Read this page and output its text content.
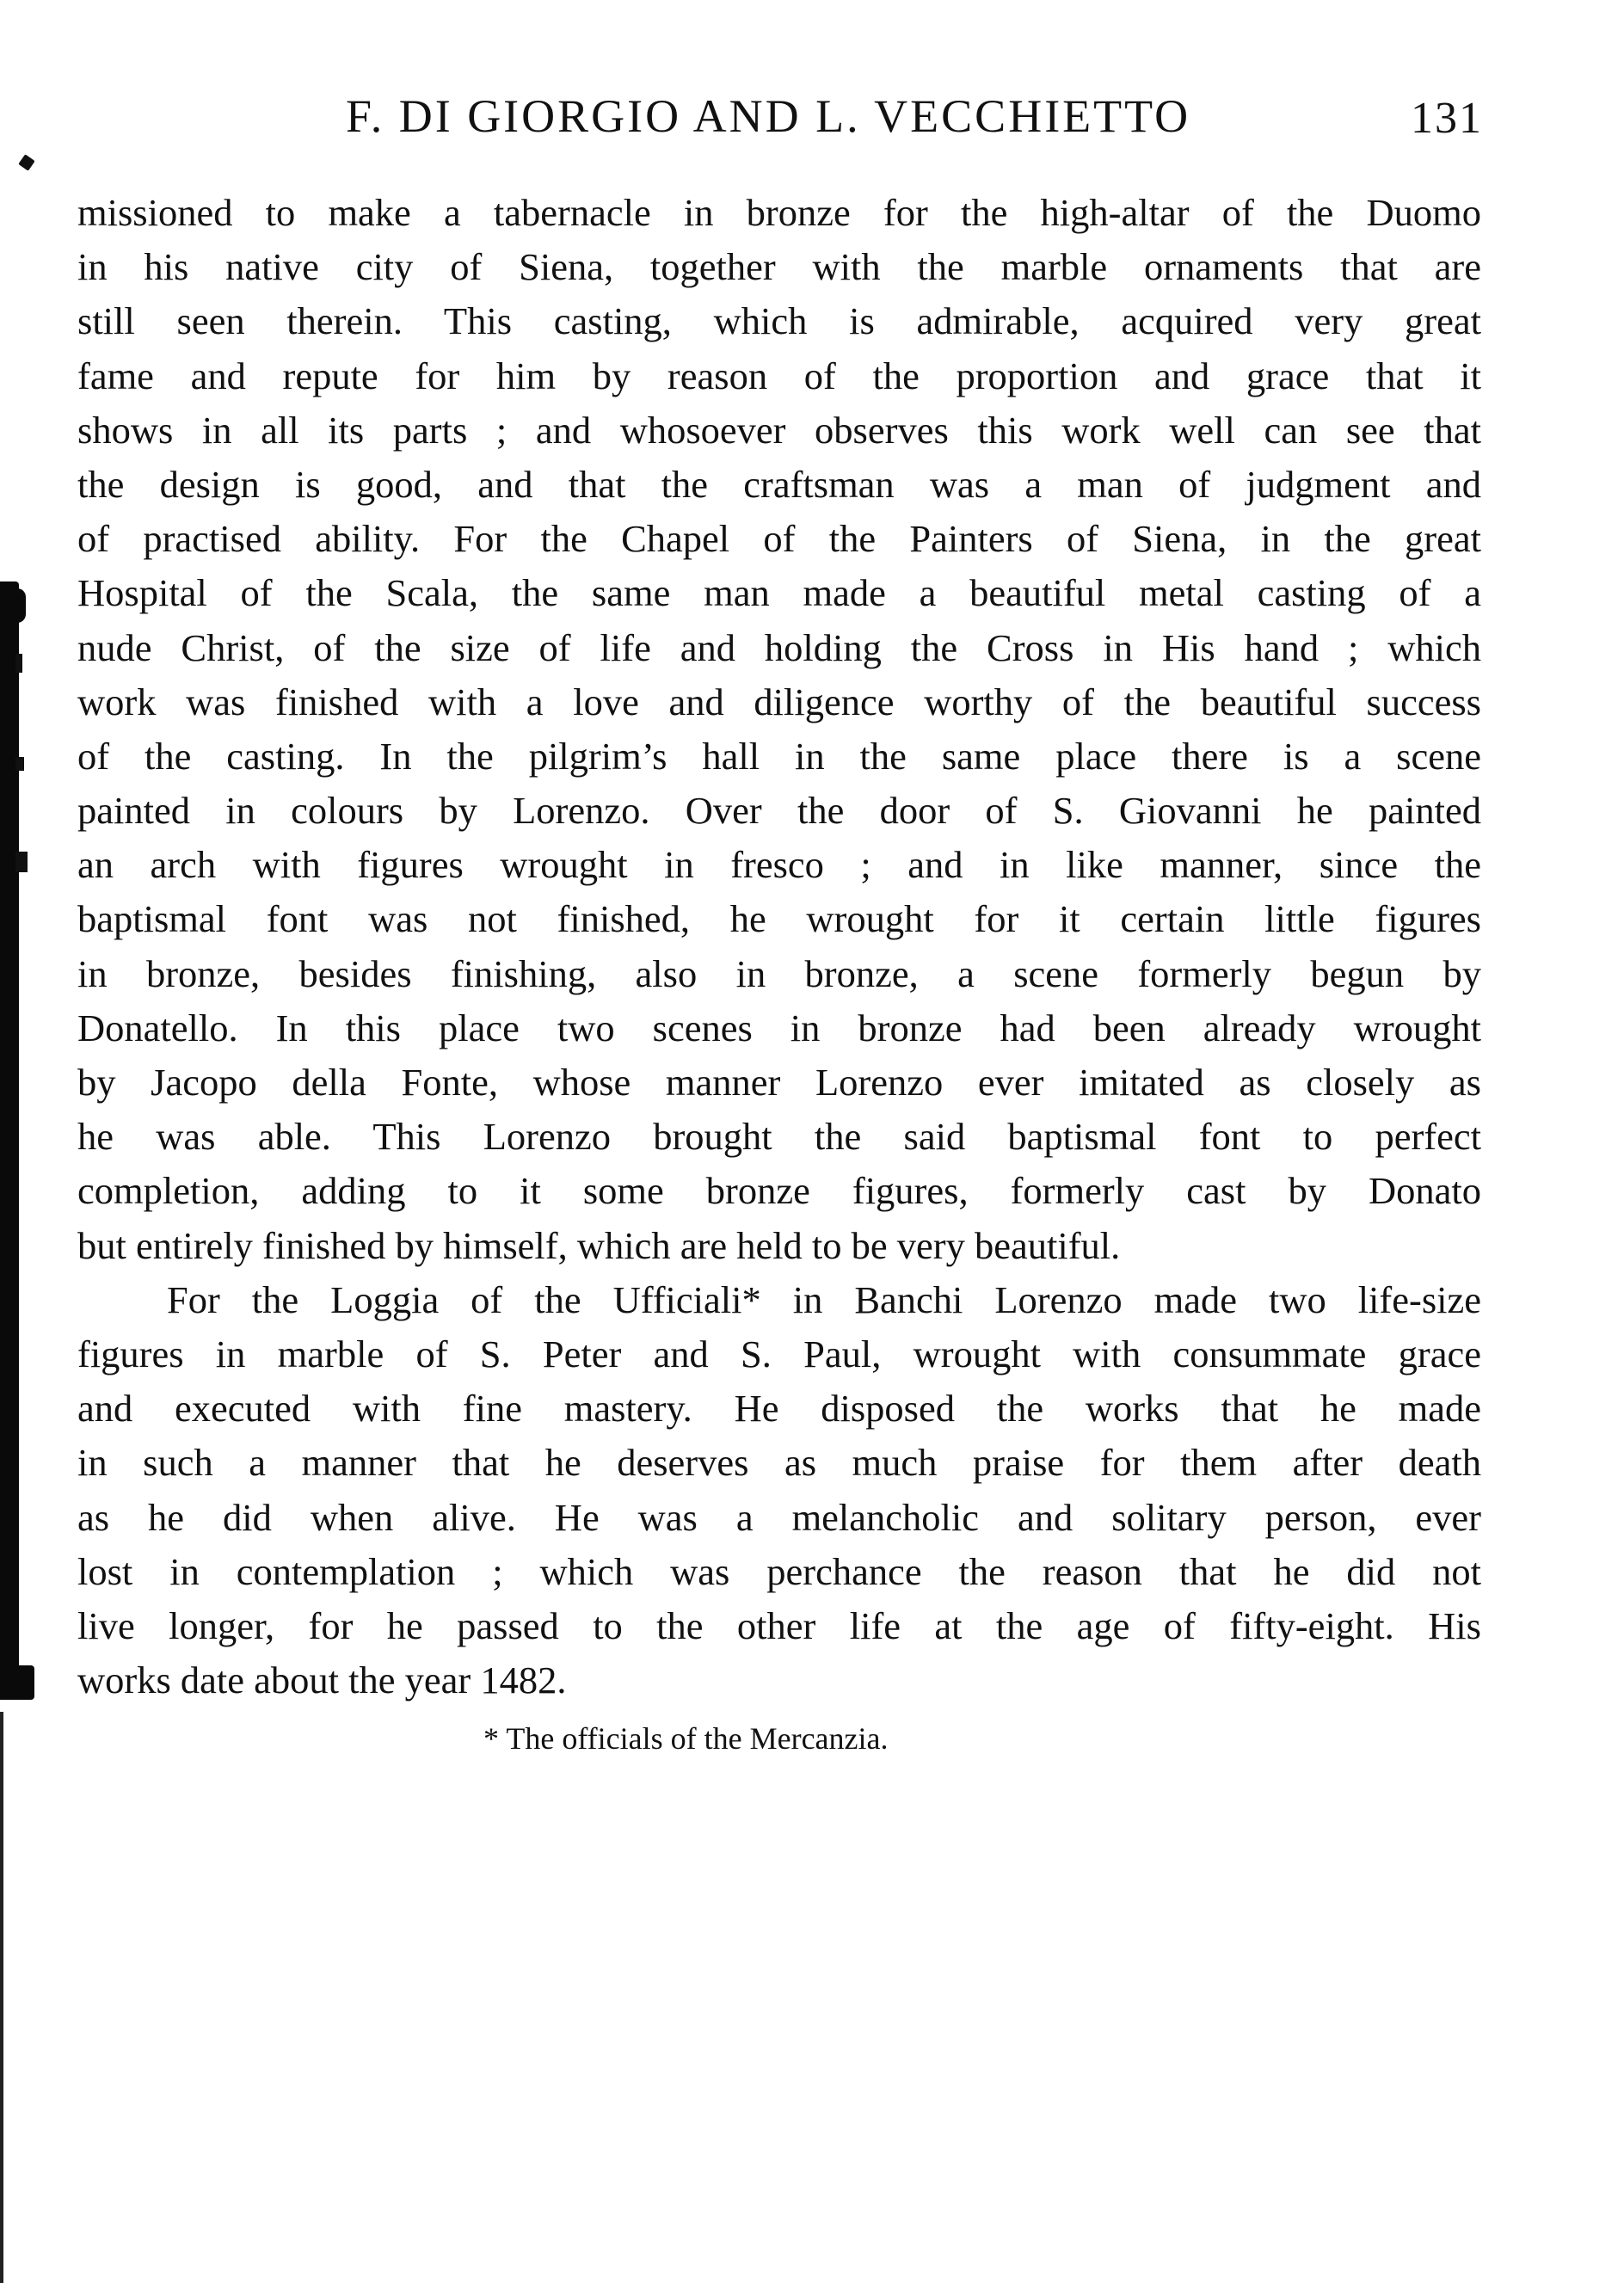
F. DI GIORGIO AND L. VECCHIETTO	131
missioned to make a tabernacle in bronze for the high-altar of the Duomo
in his native city of Siena, together with the marble ornaments that are
still seen therein. This casting, which is admirable, acquired very great
fame and repute for him by reason of the proportion and grace that it
shows in all its parts ; and whosoever observes this work well can see that
the design is good, and that the craftsman was a man of judgment and
of practised ability. For the Chapel of the Painters of Siena, in the great
Hospital of the Scala, the same man made a beautiful metal casting of a
nude Christ, of the size of life and holding the Cross in His hand ; which
work was finished with a love and diligence worthy of the beautiful success
of the casting. In the pilgrim’s hall in the same place there is a scene
painted in colours by Lorenzo. Over the door of S. Giovanni he painted
an arch with figures wrought in fresco ; and in like manner, since the
baptismal font was not finished, he wrought for it certain little figures
in bronze, besides finishing, also in bronze, a scene formerly begun by
Donatello. In this place two scenes in bronze had been already wrought
by Jacopo della Fonte, whose manner Lorenzo ever imitated as closely as
he was able. This Lorenzo brought the said baptismal font to perfect
completion, adding to it some bronze figures, formerly cast by Donato
but entirely finished by himself, which are held to be very beautiful.
For the Loggia of the Ufficiali* in Banchi Lorenzo made two life-size
figures in marble of S. Peter and S. Paul, wrought with consummate grace
and executed with fine mastery. He disposed the works that he made
in such a manner that he deserves as much praise for them after death
as he did when alive. He was a melancholic and solitary person, ever
lost in contemplation ; which was perchance the reason that he did not
live longer, for he passed to the other life at the age of fifty-eight. His
works date about the year 1482.
* The officials of the Mercanzia.
